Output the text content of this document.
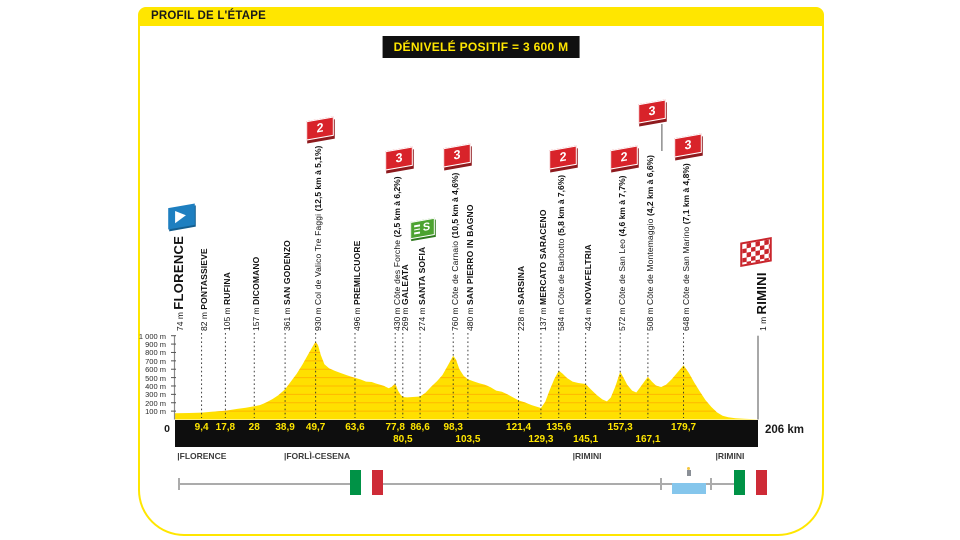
PROFIL DE L'ÉTAPE
DÉNIVELÉ POSITIF = 3 600 M
1 000 m
900 m
800 m
700 m
600 m
500 m
400 m
300 m
200 m
100 m
74 m FLORENCE
82 m PONTASSIEVE
105 m RUFINA
157 m DICOMANO
361 m SAN GODENZO
930 m Col de Valico Tre Faggi (12,5 km à 5,1%)
496 m PREMILCUORE
430 m Côte des Forche (2,5 km à 6,2%)
269 m GALEATA
274 m SANTA SOFIA
760 m Côte de Carnaio (10,5 km à 4,6%)
480 m SAN PIERRO IN BAGNO
228 m SARSINA
137 m MERCATO SARACENO
584 m Côte de Barbotto (5,8 km à 7,6%)
424 m NOVAFELTRIA
572 m Côte de San Leo (4,6 km à 7,7%)
508 m Côte de Montemaggio (4,2 km à 6,6%)
648 m Côte de San Marino (7,1 km à 4,8%)
1 m RIMINI
2
3
S
3	2	2
3
3
9,4 17,8 28 38,9 49,7 63,6 77,8
80,5
86,6 98,3
103,5
121,4
129,3
135,6
145,1
157,3
167,1
179,7
0	206 km
|FLORENCE	|FORLÌ-CESENA	|RIMINI	|RIMINI
